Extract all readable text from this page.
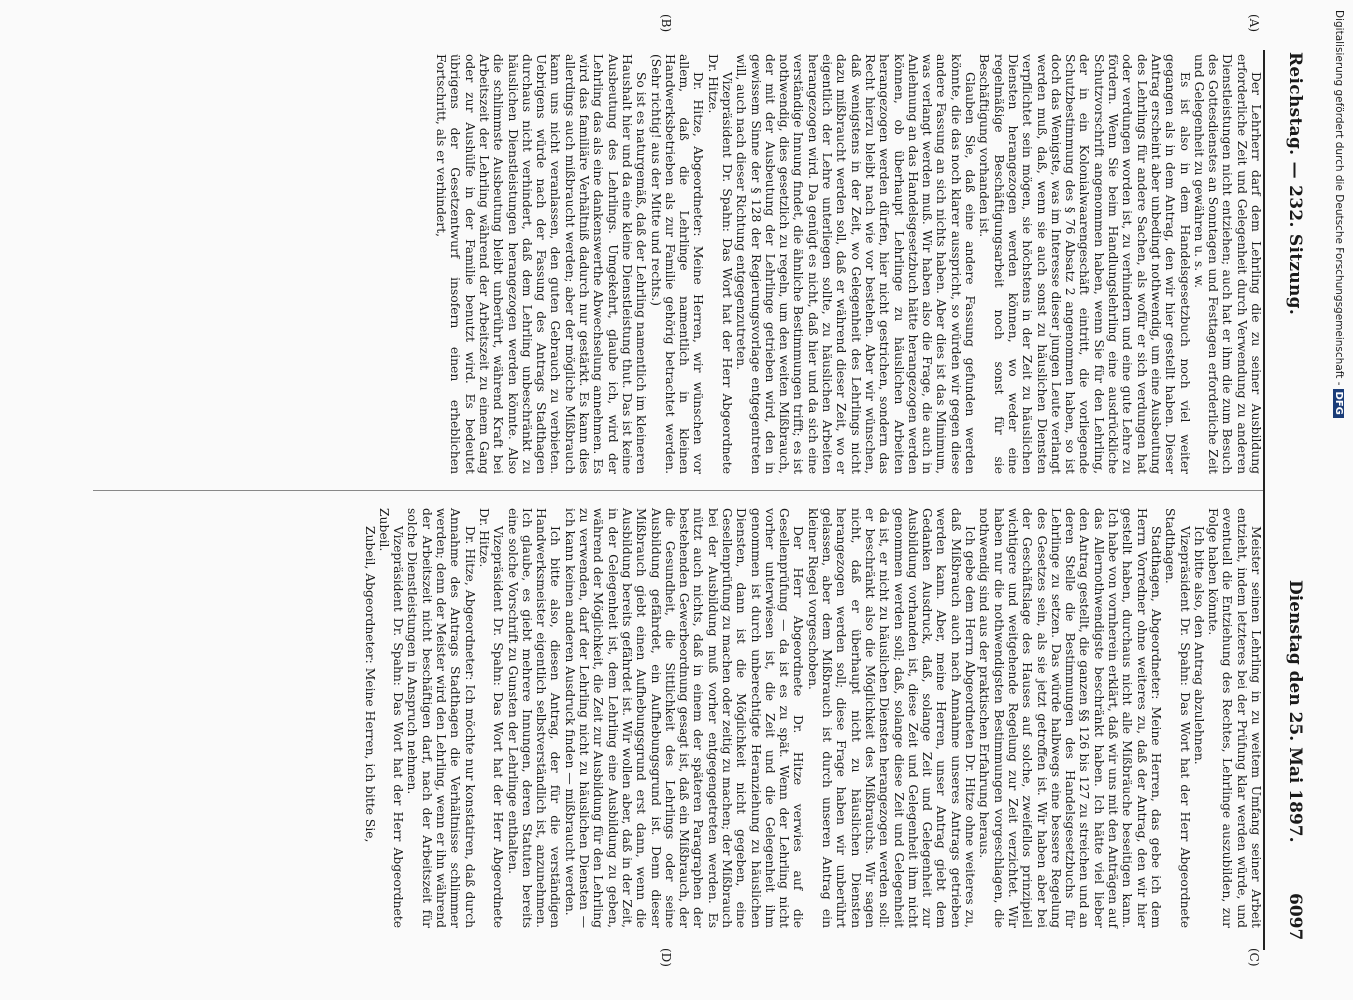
Reichstag. — 232. Sitzung.
Dienstag den 25. Mai 1897.
6097
(A)
(B)
(C)
(D)

Der Lehrherr darf dem Lehrling die zu seiner Ausbildung erforderliche Zeit und Gelegenheit durch Verwendung zu anderen Dienstleistungen nicht entziehen; auch hat er ihm die zum Besuch des Gottesdienstes an Sonntagen und Festtagen erforderliche Zeit und Gelegenheit zu gewähren u. s. w.

Es ist also in dem Handelsgesetzbuch noch viel weiter gegangen als in dem Antrag, den wir hier gestellt haben. Dieser Antrag erscheint aber unbedingt nothwendig, um eine Ausbeutung des Lehrlings für andere Sachen, als wofür er sich verdungen hat oder verdungen worden ist, zu verhindern und eine gute Lehre zu fördern. Wenn Sie beim Handlungslehrling eine ausdrückliche Schutzvorschrift angenommen haben, wenn Sie für den Lehrling, der in ein Kolonialwaarengeschäft eintritt, die vorliegende Schutzbestimmung des § 76 Absatz 2 angenommen haben, so ist doch das Wenigste, was im Interesse dieser jungen Leute verlangt werden muß, daß, wenn sie auch sonst zu häuslichen Diensten verpflichtet sein mögen, sie höchstens in der Zeit zu häuslichen Diensten herangezogen werden können, wo weder eine regelmäßige Beschäftigungsarbeit noch sonst für sie Beschäftigung vorhanden ist.

Glauben Sie, daß eine andere Fassung gefunden werden könnte, die das noch klarer ausspricht, so würden wir gegen diese andere Fassung an sich nichts haben. Aber dies ist das Minimum, was verlangt werden muß. Wir haben also die Frage, die auch in Anlehnung an das Handelsgesetzbuch hätte herangezogen werden können, ob überhaupt Lehrlinge zu häuslichen Arbeiten herangezogen werden dürfen, hier nicht gestrichen, sondern das Recht hierzu bleibt nach wie vor bestehen. Aber wir wünschen, daß wenigstens in der Zeit, wo Gelegenheit des Lehrlings nicht dazu mißbraucht werden soll, daß er während dieser Zeit, wo er eigentlich der Lehre unterliegen sollte, zu häuslichen Arbeiten herangezogen wird. Da genügt es nicht, daß hier und da sich eine verständige Innung findet, die ähnliche Bestimmungen trifft; es ist nothwendig, dies gesetzlich zu regeln, um den weiten Mißbrauch, der mit der Ausbeutung der Lehrlinge getrieben wird, den in gewissem Sinne der § 128 der Regierungsvorlage entgegentreten will, auch nach dieser Richtung entgegenzutreten.

Vizepräsident Dr. Spahn: Das Wort hat der Herr Abgeordnete Dr. Hitze.

Dr. Hitze, Abgeordneter: Meine Herren, wir wünschen vor allem, daß die Lehrlinge namentlich in kleinen Handwerksbetrieben als zur Familie gehörig betrachtet werden. (Sehr richtig! aus der Mitte und rechts.)

So ist es naturgemäß, daß der Lehrling namentlich im kleineren Haushalt hier und da eine kleine Dienstleistung thut. Das ist keine Ausbeutung des Lehrlings. Umgekehrt, glaube ich, wird der Lehrling das als eine dankenswerthe Abwechselung annehmen. Es wird das familiäre Verhältniß dadurch nur gestärkt. Es kann dies allerdings auch mißbraucht werden; aber der mögliche Mißbrauch kann uns nicht veranlassen, den guten Gebrauch zu verbieten. Uebrigens würde nach der Fassung des Antrags Stadthagen durchaus nicht verhindert, daß dem Lehrling unbeschränkt zu häuslichen Dienstleistungen herangezogen werden könnte. Also die schlimmste Ausbeutung bleibt unberührt, während Kraft bei Arbeitszeit der Lehrling während der Arbeitszeit zu einem Gang oder zur Aushülfe in der Familie benutzt wird. Es bedeutet übrigens der Gesetzentwurf insofern einen erheblichen Fortschritt, als er verhindert,

Meister seinen Lehrling in zu weitem Umfang seiner Arbeit entzieht, indem letzteres bei der Prüfung klar werden würde, und eventuell die Entziehung des Rechtes, Lehrlinge auszubilden, zur Folge haben könnte.

Ich bitte also, den Antrag abzulehnen.

Vizepräsident Dr. Spahn: Das Wort hat der Herr Abgeordnete Stadthagen.

Stadthagen, Abgeordneter: Meine Herren, das gebe ich dem Herrn Vorredner ohne weiteres zu, daß der Antrag, den wir hier gestellt haben, durchaus nicht alle Mißbräuche beseitigen kann. Ich habe von vornherein erklärt, daß wir uns mit den Anträgen auf das Allernothwendigste beschränkt haben. Ich hätte viel lieber den Antrag gestellt, die ganzen §§ 126 bis 127 zu streichen und an deren Stelle die Bestimmungen des Handelsgesetzbuchs für Lehrlinge zu setzen. Das würde halbwegs eine bessere Regelung des Gesetzes sein, als sie jetzt getroffen ist. Wir haben aber bei der Geschäftslage des Hauses auf solche, zweifellos prinzipiell wichtigere und weitgehende Regelung zur Zeit verzichtet. Wir haben nur die nothwendigsten Bestimmungen vorgeschlagen, die nothwendig sind aus der praktischen Erfahrung heraus.

Ich gebe dem Herrn Abgeordneten Dr. Hitze ohne weiteres zu, daß Mißbrauch auch nach Annahme unseres Antrags getrieben werden kann. Aber, meine Herren, unser Antrag giebt dem Gedanken Ausdruck, daß, solange Zeit und Gelegenheit zur Ausbildung vorhanden ist, diese Zeit und Gelegenheit ihm nicht genommen werden soll; daß, solange diese Zeit und Gelegenheit da ist, er nicht zu häuslichen Diensten herangezogen werden soll: er beschränkt also die Möglichkeit des Mißbrauchs. Wir sagen nicht, daß er überhaupt nicht zu häuslichen Diensten herangezogen werden soll; diese Frage haben wir unberührt gelassen, aber dem Mißbrauch ist durch unseren Antrag ein kleiner Riegel vorgeschoben.

Der Herr Abgeordnete Dr. Hitze verwies auf die Gesellenprüfung — da ist es zu spät. Wenn der Lehrling nicht vorher unterwiesen ist, die Zeit und die Gelegenheit ihm genommen ist durch unberechtigte Heranziehung zu häuslichen Diensten, dann ist die Möglichkeit nicht gegeben, eine Gesellenprüfung zu machen oder zeitig zu machen; der Mißbrauch bei der Ausbildung muß vorher entgegengetreten werden. Es nützt auch nichts, daß in einem der späteren Paragraphen der bestehenden Gewerbeordnung gesagt ist, daß ein Mißbrauch, der die Gesundheit, die Sittlichkeit des Lehrlings oder seine Ausbildung gefährdet, ein Aufhebungsgrund ist. Denn dieser Mißbrauch giebt einen Aufhebungsgrund erst dann, wenn die Ausbildung bereits gefährdet ist. Wir wollen aber, daß in der Zeit, in der Gelegenheit ist, dem Lehrling eine Ausbildung zu geben, während der Möglichkeit, die Zeit zur Ausbildung für den Lehrling zu verwenden, darf der Lehrling nicht zu häuslichen Diensten — ich kann keinen anderen Ausdruck finden — mißbraucht werden.

Ich bitte also, diesen Antrag, der für die verständigen Handwerksmeister eigentlich selbstverständlich ist, anzunehmen. Ich glaube, es giebt mehrere Innungen, deren Statuten bereits eine solche Vorschrift zu Gunsten der Lehrlinge enthalten.

Vizepräsident Dr. Spahn: Das Wort hat der Herr Abgeordnete Dr. Hitze.

Dr. Hitze, Abgeordneter: Ich möchte nur konstatiren, daß durch Annahme des Antrags Stadthagen die Verhältnisse schlimmer werden; denn der Meister wird den Lehrling, wenn er ihn während der Arbeitszeit nicht beschäftigen darf, nach der Arbeitszeit für solche Dienstleistungen in Anspruch nehmen.

Vizepräsident Dr. Spahn: Das Wort hat der Herr Abgeordnete Zubeil.

Zubeil, Abgeordneter: Meine Herren, ich bitte Sie,

Digitalisierung gefördert durch die Deutsche Forschungsgemeinschaft -DFG
